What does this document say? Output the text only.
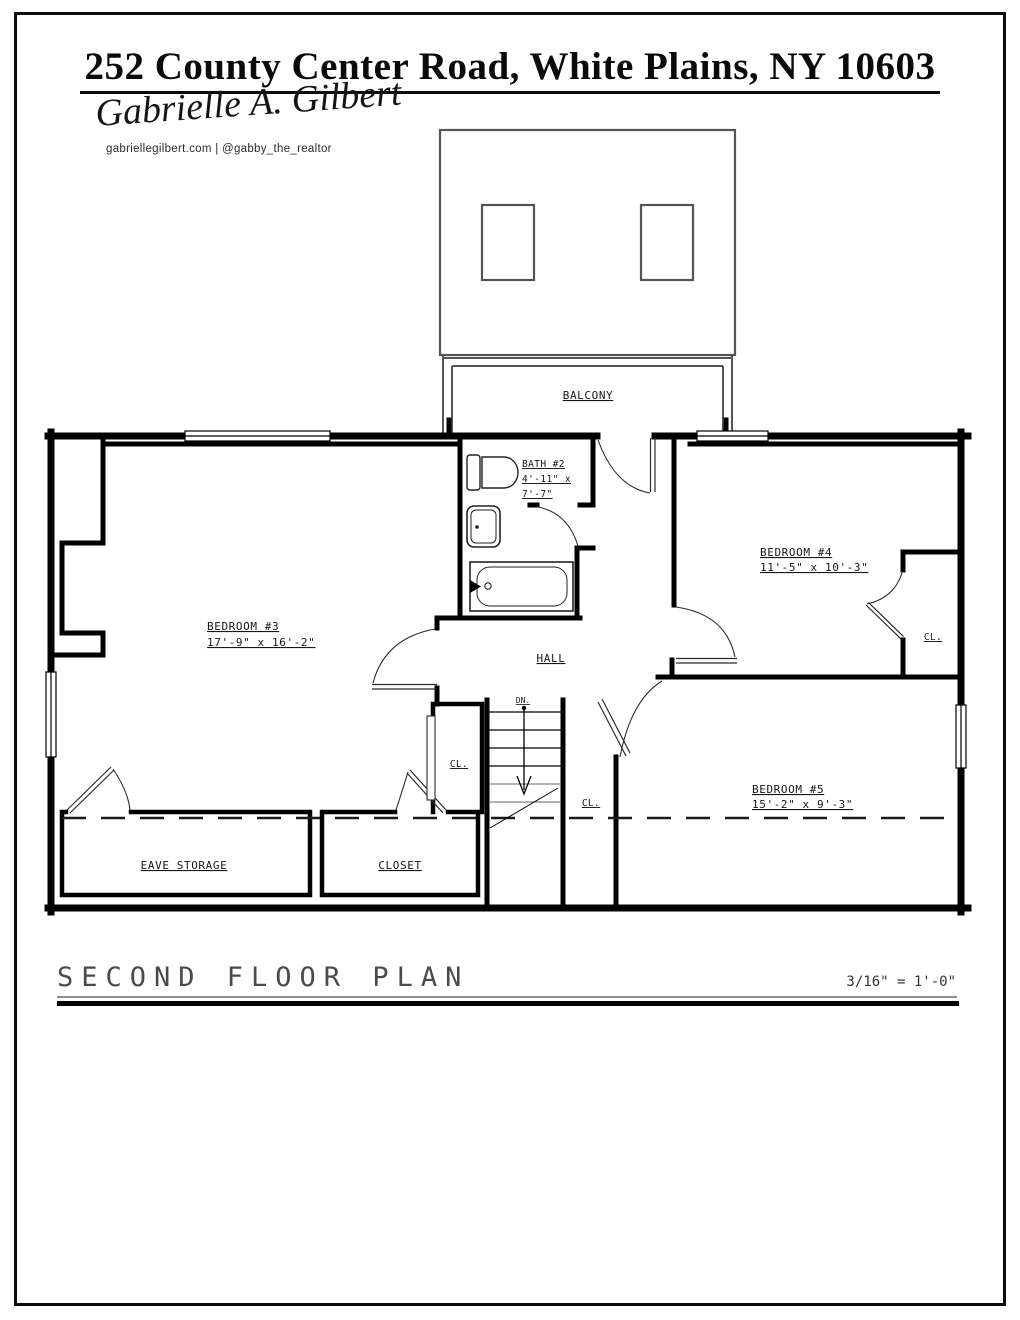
252 County Center Road, White Plains, NY 10603
Gabrielle A. Gilbert
gabriellegilbert.com | @gabby_the_realtor
BALCONY
BATH #2
4'-11" x
7'-7"
BEDROOM #3
17'-9" x 16'-2"
BEDROOM #4
11'-5" x 10'-3"
HALL
DN.
CL.
CL.
CL.
BEDROOM #5
15'-2" x 9'-3"
EAVE STORAGE	CLOSET
SECOND FLOOR PLAN	3/16" = 1'-0"
